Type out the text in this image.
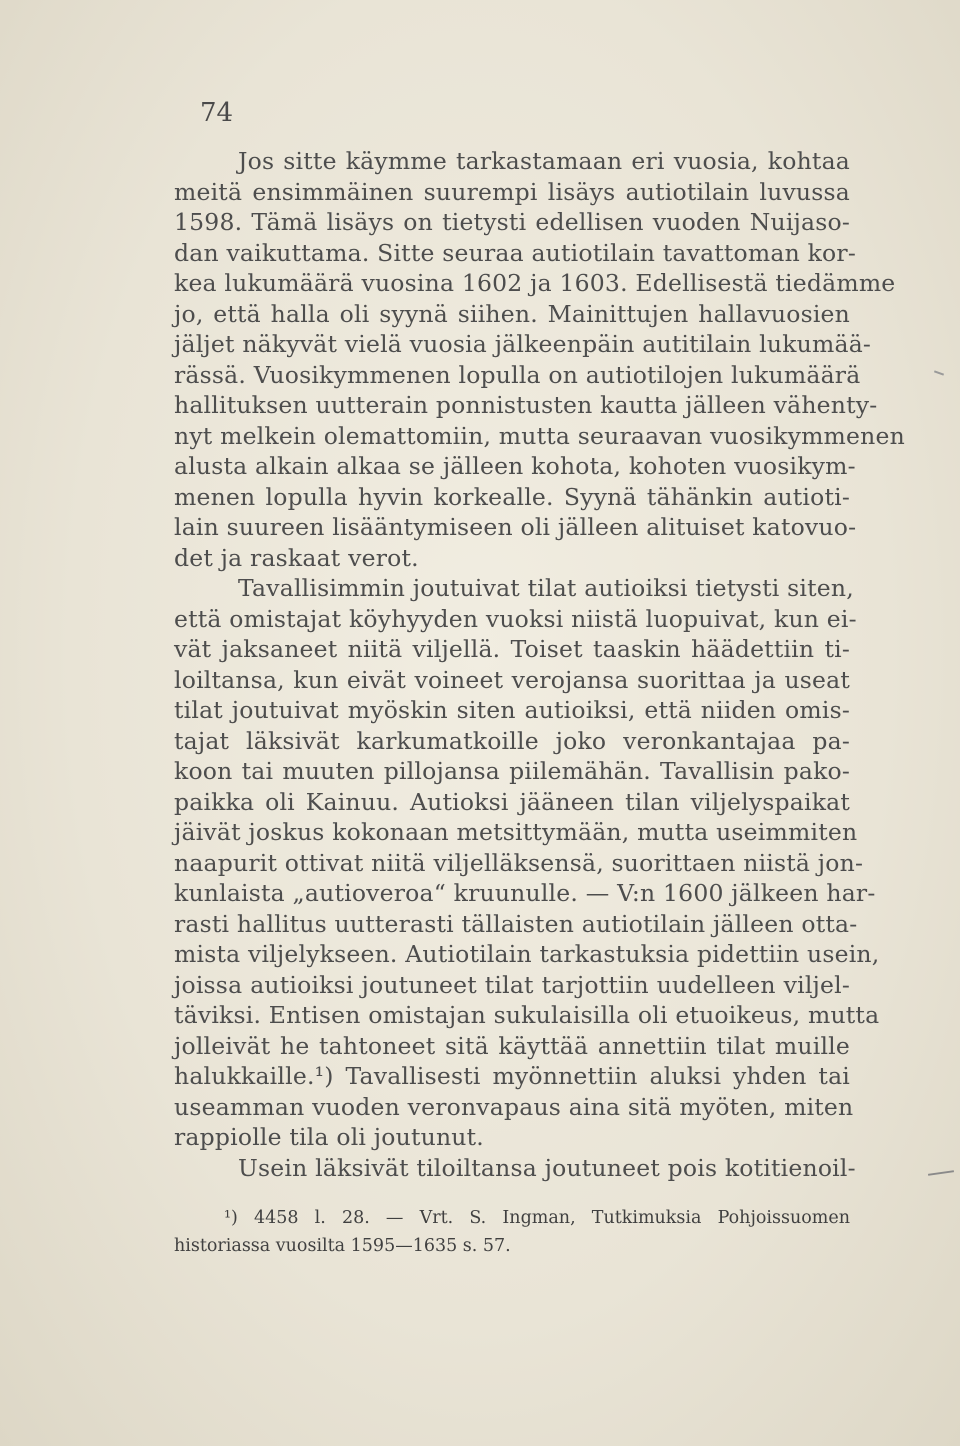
74
Jos sitte käymme tarkastamaan eri vuosia, kohtaa
meitä ensimmäinen suurempi lisäys autiotilain luvussa
1598. Tämä lisäys on tietysti edellisen vuoden Nuijaso-
dan vaikuttama. Sitte seuraa autiotilain tavattoman kor-
kea lukumäärä vuosina 1602 ja 1603. Edellisestä tiedämme
jo, että halla oli syynä siihen. Mainittujen hallavuosien
jäljet näkyvät vielä vuosia jälkeenpäin autitilain lukumää-
rässä. Vuosikymmenen lopulla on autiotilojen lukumäärä
hallituksen uutterain ponnistusten kautta jälleen vähenty-
nyt melkein olemattomiin, mutta seuraavan vuosikymmenen
alusta alkain alkaa se jälleen kohota, kohoten vuosikym-
menen lopulla hyvin korkealle. Syynä tähänkin autioti-
lain suureen lisääntymiseen oli jälleen alituiset katovuo-
det ja raskaat verot.
Tavallisimmin joutuivat tilat autioiksi tietysti siten,
että omistajat köyhyyden vuoksi niistä luopuivat, kun ei-
vät jaksaneet niitä viljellä. Toiset taaskin häädettiin ti-
loiltansa, kun eivät voineet verojansa suorittaa ja useat
tilat joutuivat myöskin siten autioiksi, että niiden omis-
tajat läksivät karkumatkoille joko veronkantajaa pa-
koon tai muuten pillojansa piilemähän. Tavallisin pako-
paikka oli Kainuu. Autioksi jääneen tilan viljelyspaikat
jäivät joskus kokonaan metsittymään, mutta useimmiten
naapurit ottivat niitä viljelläksensä, suorittaen niistä jon-
kunlaista „autioveroa“ kruunulle. — V:n 1600 jälkeen har-
rasti hallitus uutterasti tällaisten autiotilain jälleen otta-
mista viljelykseen. Autiotilain tarkastuksia pidettiin usein,
joissa autioiksi joutuneet tilat tarjottiin uudelleen viljel-
täviksi. Entisen omistajan sukulaisilla oli etuoikeus, mutta
jolleivät he tahtoneet sitä käyttää annettiin tilat muille
halukkaille.¹) Tavallisesti myönnettiin aluksi yhden tai
useamman vuoden veronvapaus aina sitä myöten, miten
rappiolle tila oli joutunut.
Usein läksivät tiloiltansa joutuneet pois kotitienoil-
¹) 4458 l. 28. — Vrt. S. Ingman, Tutkimuksia Pohjoissuomen
historiassa vuosilta 1595—1635 s. 57.
